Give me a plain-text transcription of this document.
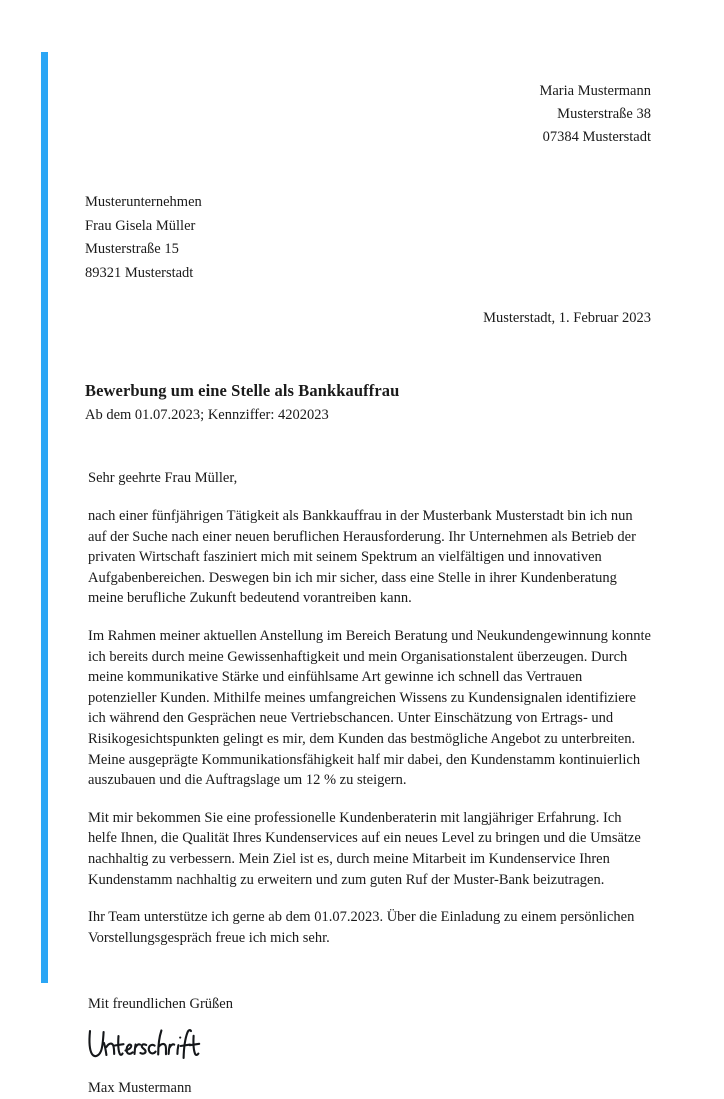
Maria Mustermann
Musterstraße 38
07384 Musterstadt
Musterunternehmen
Frau Gisela Müller
Musterstraße 15
89321 Musterstadt
Musterstadt, 1. Februar 2023
Bewerbung um eine Stelle als Bankkauffrau
Ab dem 01.07.2023; Kennziffer: 4202023
Sehr geehrte Frau Müller,

nach einer fünfjährigen Tätigkeit als Bankkauffrau in der Musterbank Musterstadt bin ich nun auf der Suche nach einer neuen beruflichen Herausforderung. Ihr Unternehmen als Betrieb der privaten Wirtschaft fasziniert mich mit seinem Spektrum an vielfältigen und innovativen Aufgabenbereichen. Deswegen bin ich mir sicher, dass eine Stelle in ihrer Kundenberatung meine berufliche Zukunft bedeutend vorantreiben kann.

Im Rahmen meiner aktuellen Anstellung im Bereich Beratung und Neukundengewinnung konnte ich bereits durch meine Gewissenhaftigkeit und mein Organisationstalent überzeugen. Durch meine kommunikative Stärke und einfühlsame Art gewinne ich schnell das Vertrauen potenzieller Kunden. Mithilfe meines umfangreichen Wissens zu Kundensignalen identifiziere ich während den Gesprächen neue Vertriebschancen. Unter Einschätzung von Ertrags- und Risikogesichtspunkten gelingt es mir, dem Kunden das bestmögliche Angebot zu unterbreiten. Meine ausgeprägte Kommunikationsfähigkeit half mir dabei, den Kundenstamm kontinuierlich auszubauen und die Auftragslage um 12 % zu steigern.

Mit mir bekommen Sie eine professionelle Kundenberaterin mit langjähriger Erfahrung. Ich helfe Ihnen, die Qualität Ihres Kundenservices auf ein neues Level zu bringen und die Umsätze nachhaltig zu verbessern. Mein Ziel ist es, durch meine Mitarbeit im Kundenservice Ihren Kundenstamm nachhaltig zu erweitern und zum guten Ruf der Muster-Bank beizutragen.

Ihr Team unterstütze ich gerne ab dem 01.07.2023. Über die Einladung zu einem persönlichen Vorstellungsgespräch freue ich mich sehr.

Mit freundlichen Grüßen
Max Mustermann
